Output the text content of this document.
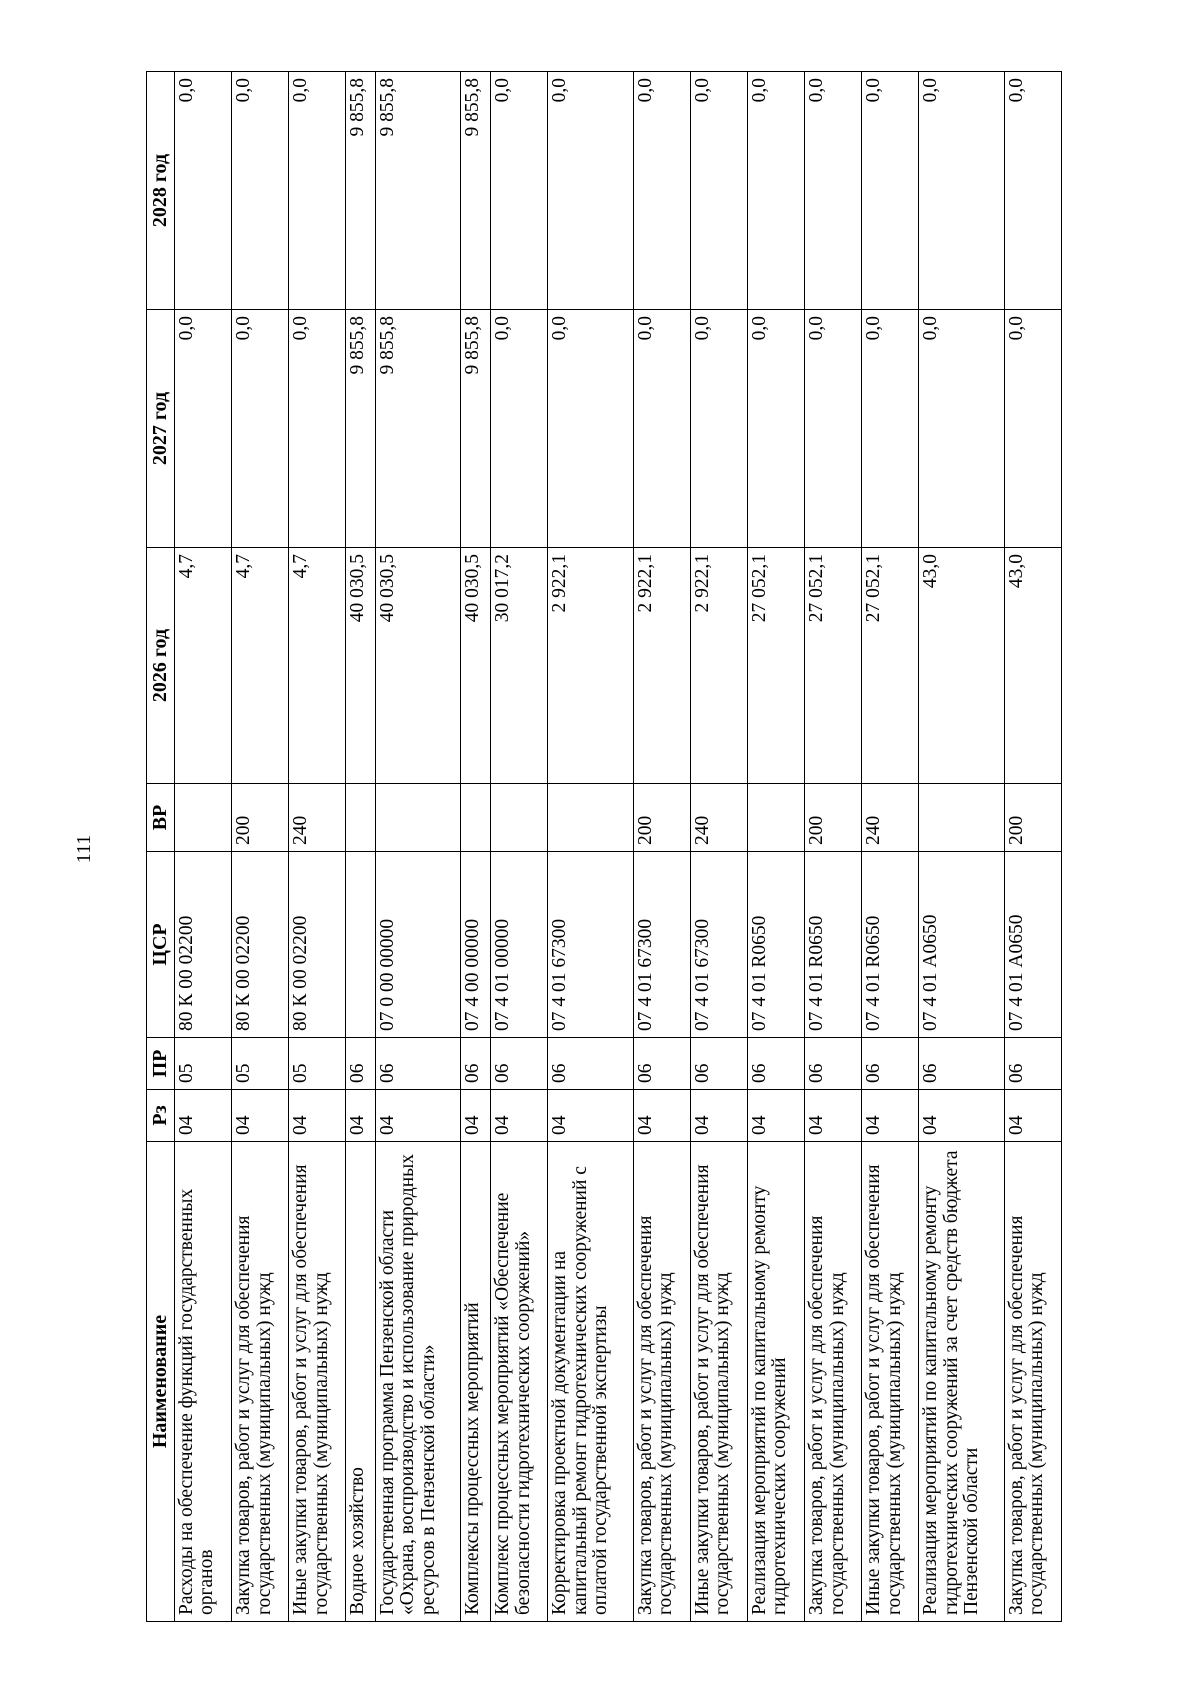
111
Наименование	Рз	ПР	ЦСР	ВР	2026 год	2027 год	2028 год
Расходы на обеспечение функций государственных органов	04	05	80 К 00 02200		4,7	0,0	0,0
Закупка товаров, работ и услуг для обеспечения государственных (муниципальных) нужд	04	05	80 К 00 02200	200	4,7	0,0	0,0
Иные закупки товаров, работ и услуг для обеспечения государственных (муниципальных) нужд	04	05	80 К 00 02200	240	4,7	0,0	0,0
Водное хозяйство	04	06			40 030,5	9 855,8	9 855,8
Государственная программа Пензенской области «Охрана, воспроизводство и использование природных ресурсов в Пензенской области»	04	06	07 0 00 00000		40 030,5	9 855,8	9 855,8
Комплексы процессных мероприятий	04	06	07 4 00 00000		40 030,5	9 855,8	9 855,8
Комплекс процессных мероприятий «Обеспечение безопасности гидротехнических сооружений»	04	06	07 4 01 00000		30 017,2	0,0	0,0
Корректировка проектной документации на капитальный ремонт гидротехнических сооружений с оплатой государственной экспертизы	04	06	07 4 01 67300		2 922,1	0,0	0,0
Закупка товаров, работ и услуг для обеспечения государственных (муниципальных) нужд	04	06	07 4 01 67300	200	2 922,1	0,0	0,0
Иные закупки товаров, работ и услуг для обеспечения государственных (муниципальных) нужд	04	06	07 4 01 67300	240	2 922,1	0,0	0,0
Реализация мероприятий по капитальному ремонту гидротехнических сооружений	04	06	07 4 01 R0650		27 052,1	0,0	0,0
Закупка товаров, работ и услуг для обеспечения государственных (муниципальных) нужд	04	06	07 4 01 R0650	200	27 052,1	0,0	0,0
Иные закупки товаров, работ и услуг для обеспечения государственных (муниципальных) нужд	04	06	07 4 01 R0650	240	27 052,1	0,0	0,0
Реализация мероприятий по капитальному ремонту гидротехнических сооружений за счет средств бюджета Пензенской области	04	06	07 4 01 А0650		43,0	0,0	0,0
Закупка товаров, работ и услуг для обеспечения государственных (муниципальных) нужд	04	06	07 4 01 А0650	200	43,0	0,0	0,0
